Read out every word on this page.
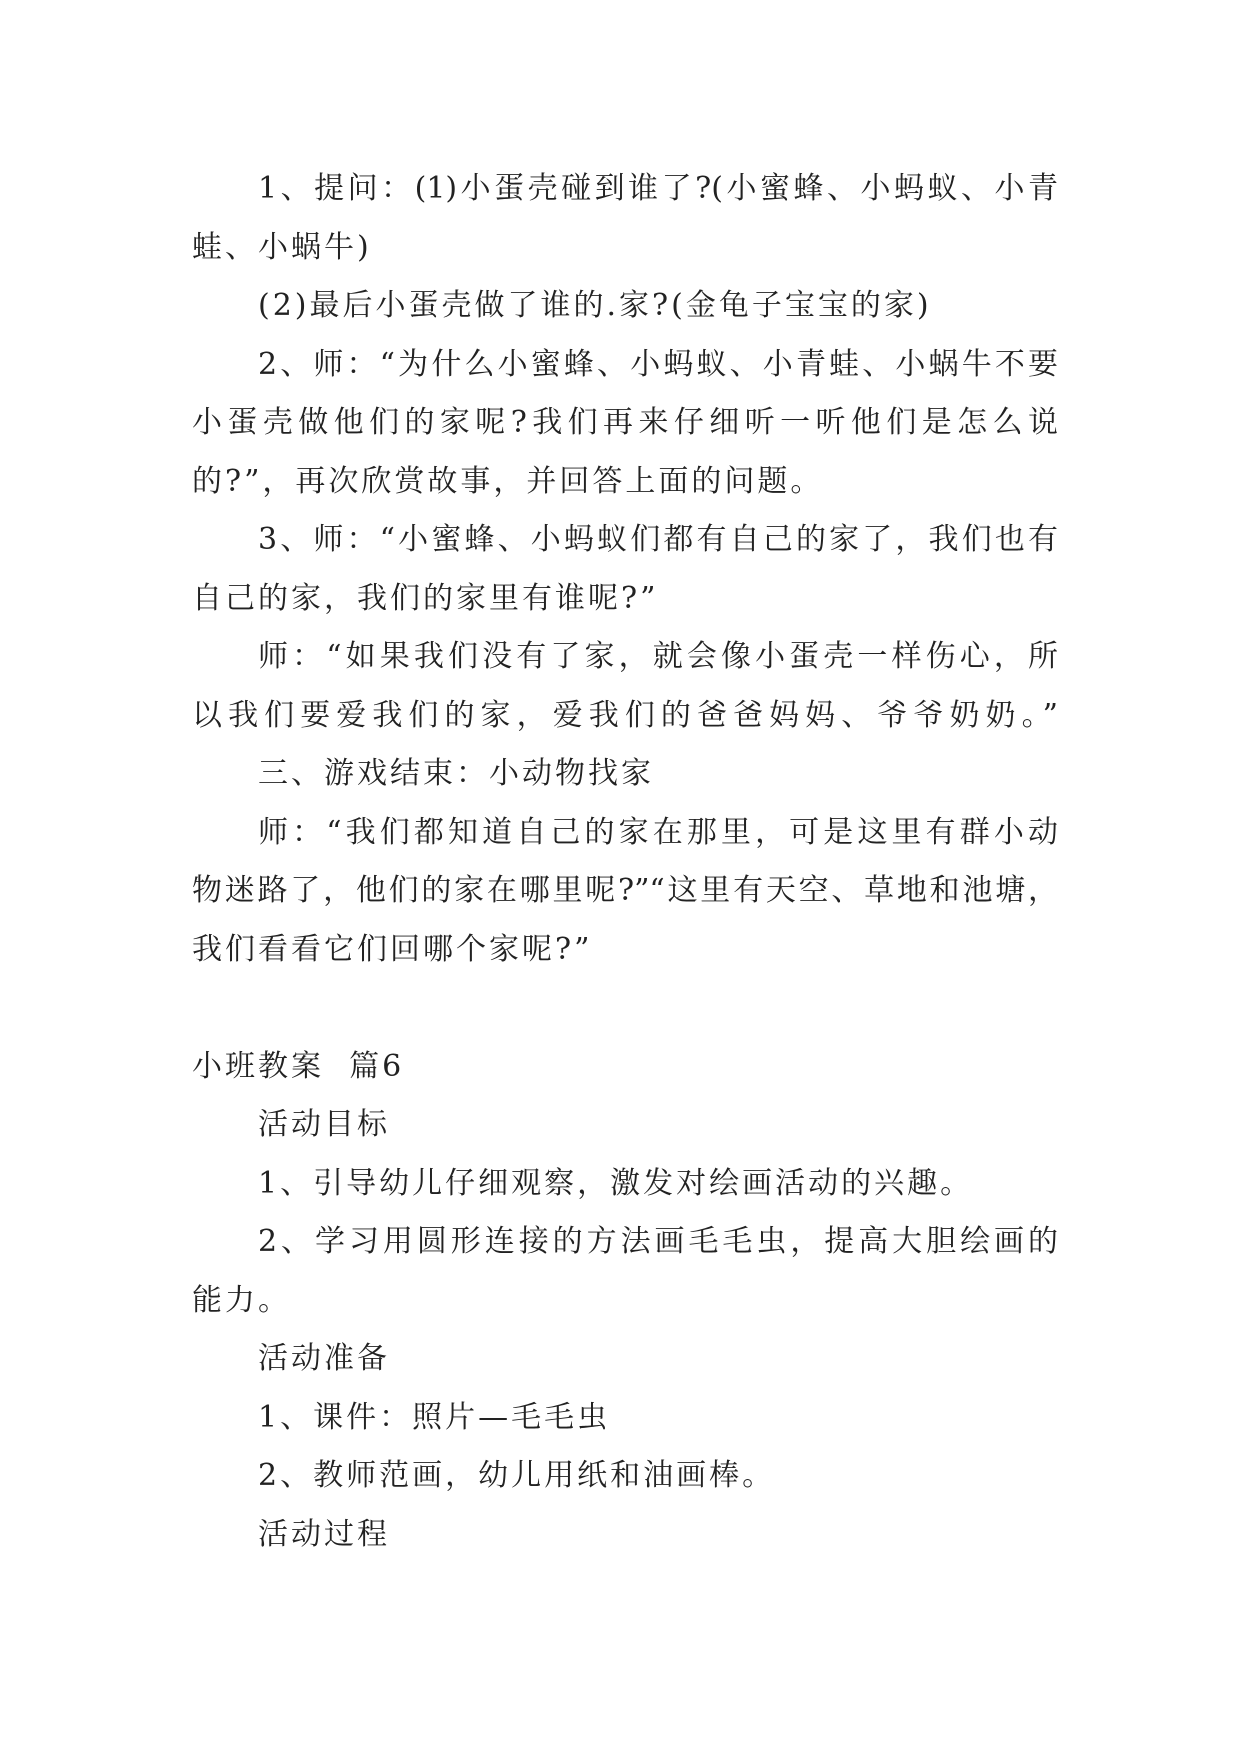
1、提问：(1)小蛋壳碰到谁了?(小蜜蜂、小蚂蚁、小青
蛙、小蜗牛)
(2)最后小蛋壳做了谁的.家?(金龟子宝宝的家)
2、师：“为什么小蜜蜂、小蚂蚁、小青蛙、小蜗牛不要
小蛋壳做他们的家呢?我们再来仔细听一听他们是怎么说
的?”，再次欣赏故事，并回答上面的问题。
3、师：“小蜜蜂、小蚂蚁们都有自己的家了，我们也有
自己的家，我们的家里有谁呢?”
师：“如果我们没有了家，就会像小蛋壳一样伤心，所
以我们要爱我们的家，爱我们的爸爸妈妈、爷爷奶奶。”
三、游戏结束：小动物找家
师：“我们都知道自己的家在那里，可是这里有群小动
物迷路了，他们的家在哪里呢?”“这里有天空、草地和池塘，
我们看看它们回哪个家呢?”
小班教案  篇6
活动目标
1、引导幼儿仔细观察，激发对绘画活动的兴趣。
2、学习用圆形连接的方法画毛毛虫，提高大胆绘画的
能力。
活动准备
1、课件：照片—毛毛虫
2、教师范画，幼儿用纸和油画棒。
活动过程
